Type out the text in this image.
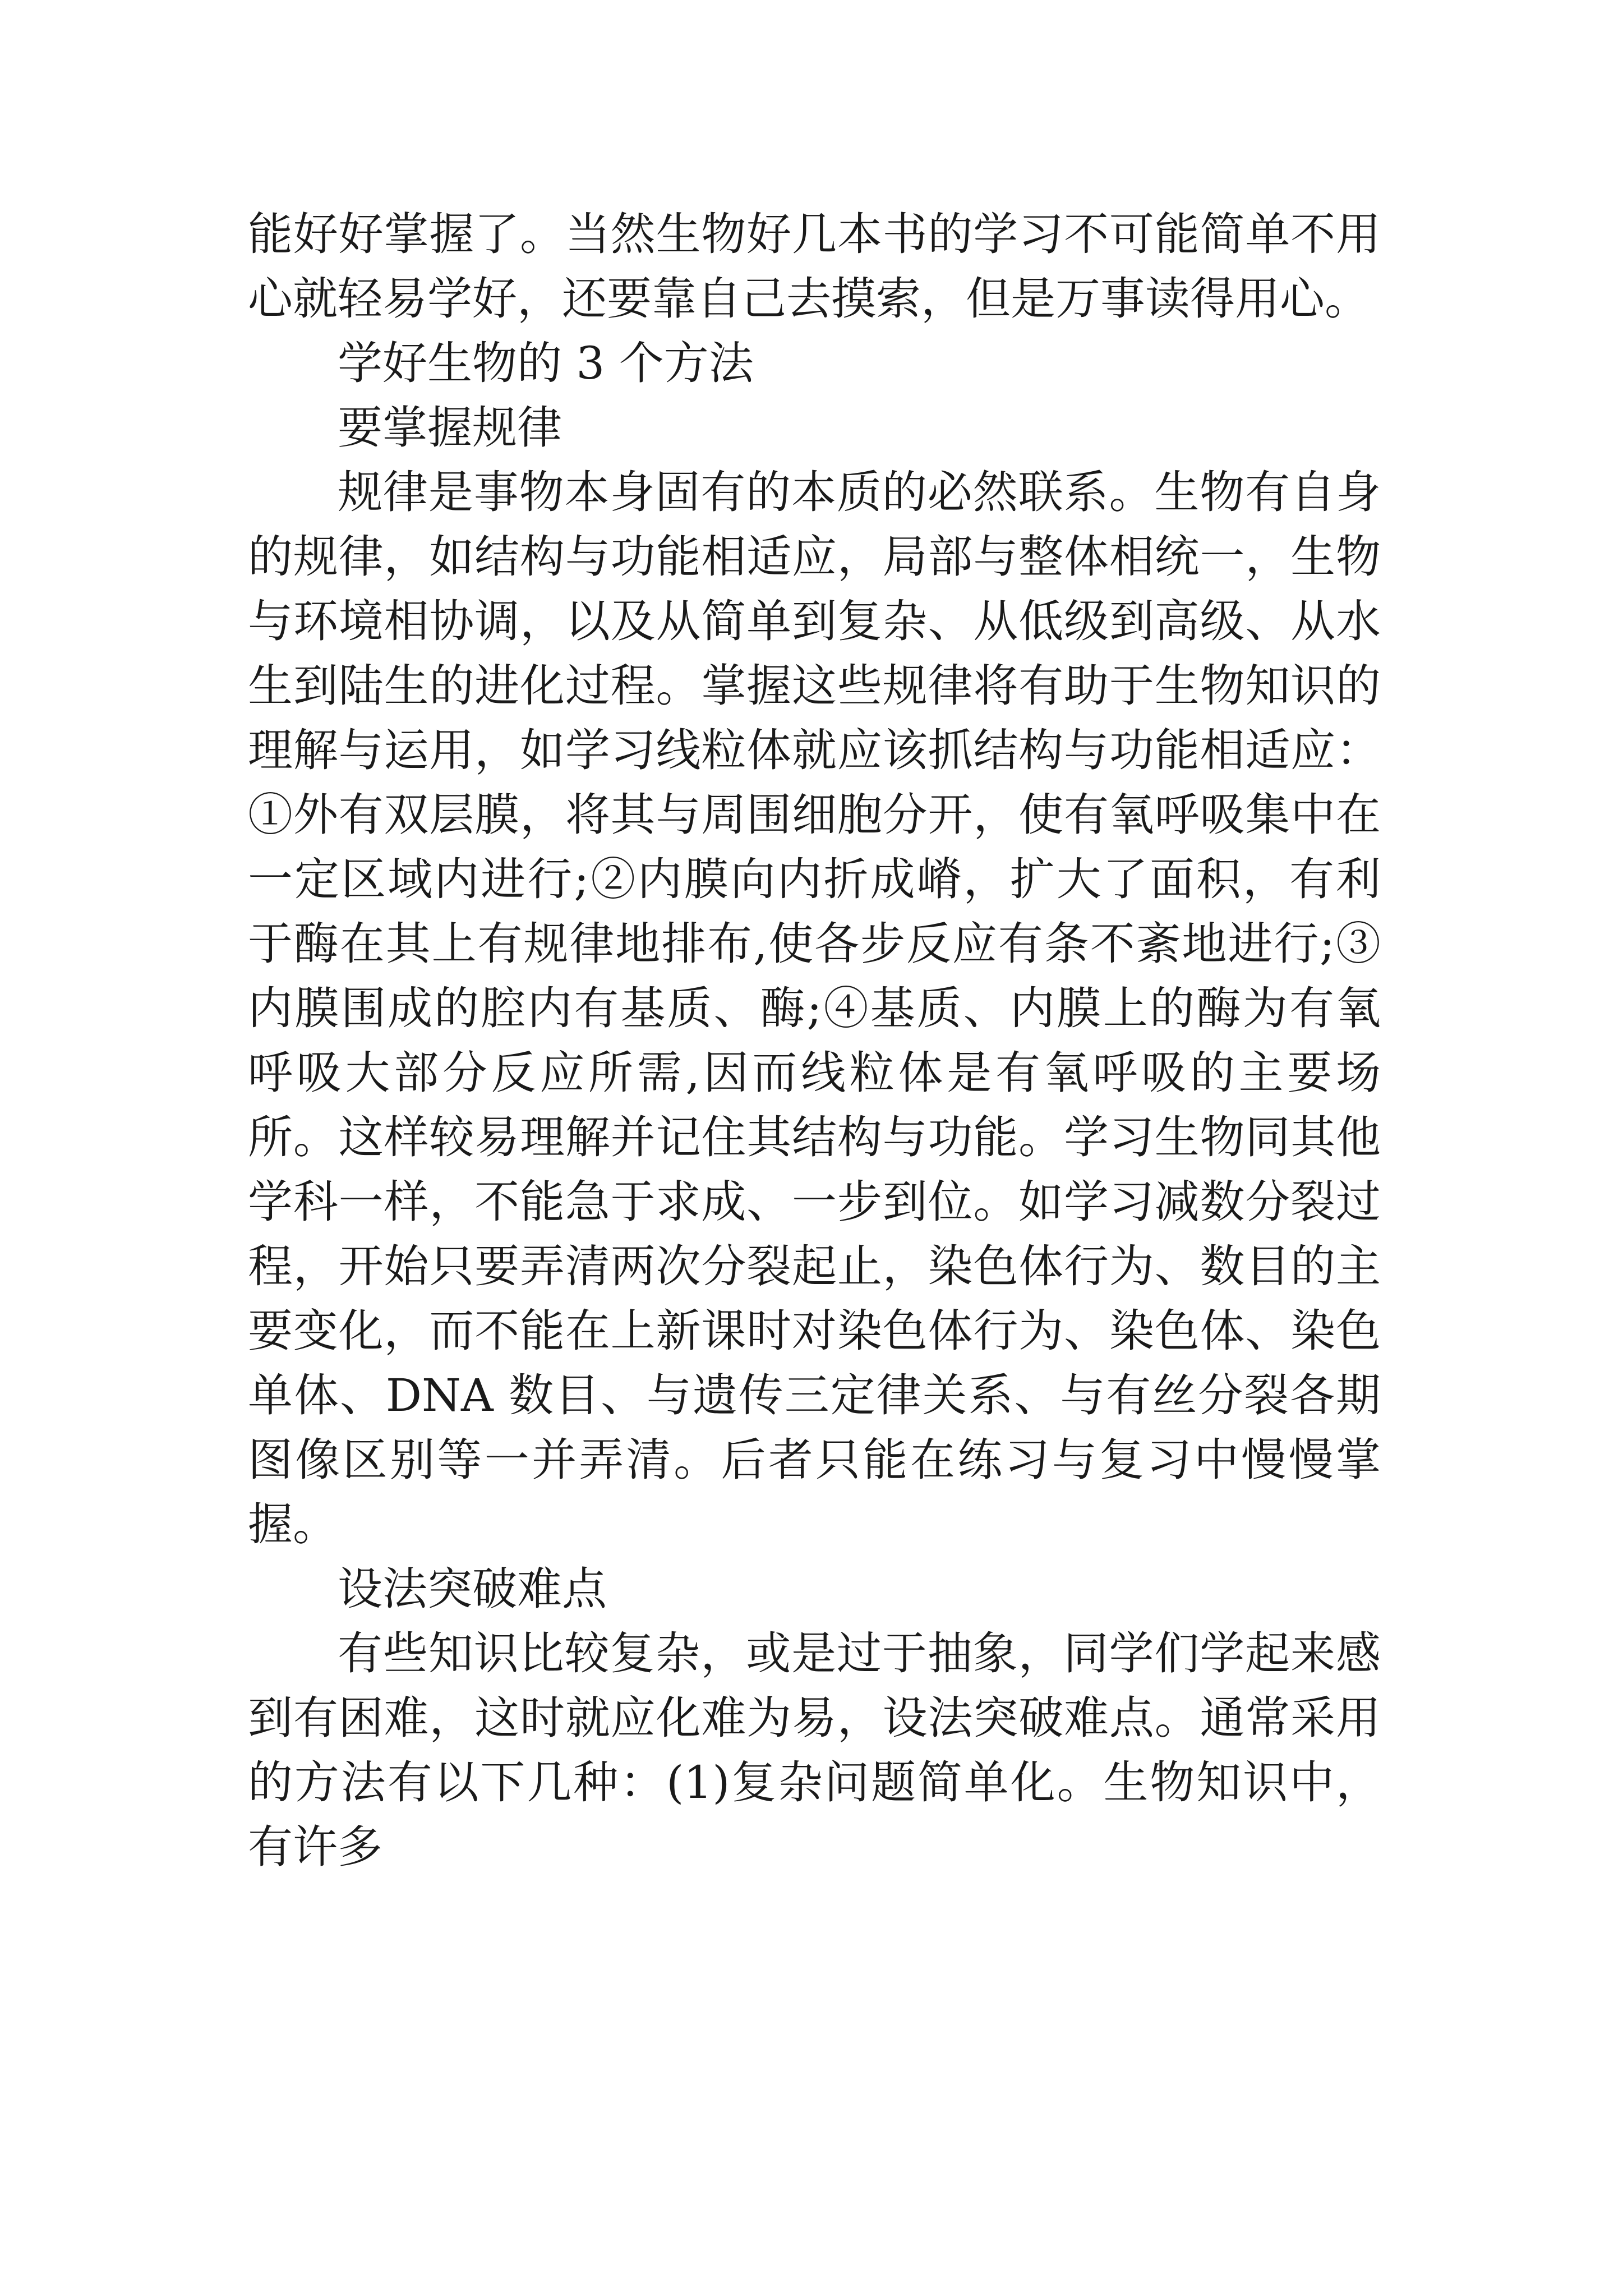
能好好掌握了。当然生物好几本书的学习不可能简单不用心就轻易学好，还要靠自己去摸索，但是万事读得用心。

学好生物的 3 个方法

要掌握规律

规律是事物本身固有的本质的必然联系。生物有自身的规律，如结构与功能相适应，局部与整体相统一，生物与环境相协调，以及从简单到复杂、从低级到高级、从水生到陆生的进化过程。掌握这些规律将有助于生物知识的理解与运用，如学习线粒体就应该抓结构与功能相适应：①外有双层膜，将其与周围细胞分开，使有氧呼吸集中在一定区域内进行;②内膜向内折成嵴，扩大了面积，有利于酶在其上有规律地排布,使各步反应有条不紊地进行;③内膜围成的腔内有基质、酶;④基质、内膜上的酶为有氧呼吸大部分反应所需,因而线粒体是有氧呼吸的主要场所。这样较易理解并记住其结构与功能。学习生物同其他学科一样，不能急于求成、一步到位。如学习减数分裂过程，开始只要弄清两次分裂起止，染色体行为、数目的主要变化，而不能在上新课时对染色体行为、染色体、染色单体、DNA 数目、与遗传三定律关系、与有丝分裂各期图像区别等一并弄清。后者只能在练习与复习中慢慢掌握。

设法突破难点

有些知识比较复杂，或是过于抽象，同学们学起来感到有困难，这时就应化难为易，设法突破难点。通常采用的方法有以下几种：(1)复杂问题简单化。生物知识中，有许多
